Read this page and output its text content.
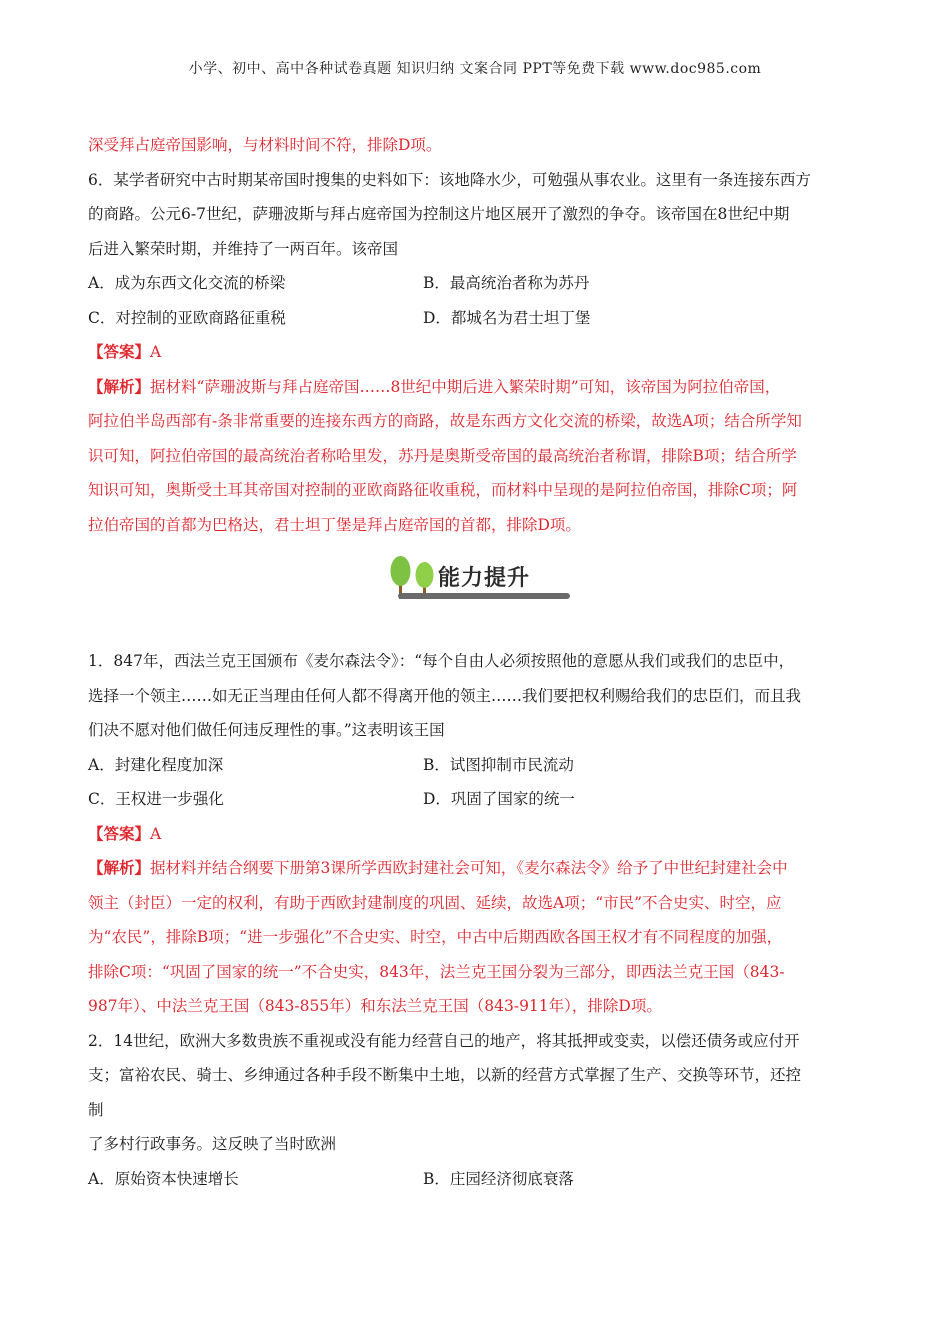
小学、初中、高中各种试卷真题 知识归纳 文案合同 PPT等免费下载 www.doc985.com

深受拜占庭帝国影响，与材料时间不符，排除D项。

6．某学者研究中古时期某帝国时搜集的史料如下：该地降水少，可勉强从事农业。这里有一条连接东西方

的商路。公元6-7世纪，萨珊波斯与拜占庭帝国为控制这片地区展开了激烈的争夺。该帝国在8世纪中期

后进入繁荣时期，并维持了一两百年。该帝国

A．成为东西文化交流的桥梁	B．最高统治者称为苏丹
C．对控制的亚欧商路征重税	D．都城名为君士坦丁堡

【答案】A

【解析】据材料“萨珊波斯与拜占庭帝国……8世纪中期后进入繁荣时期”可知，该帝国为阿拉伯帝国，

阿拉伯半岛西部有-条非常重要的连接东西方的商路，故是东西方文化交流的桥梁，故选A项；结合所学知

识可知，阿拉伯帝国的最高统治者称哈里发，苏丹是奥斯受帝国的最高统治者称谓，排除B项；结合所学

知识可知，奥斯受土耳其帝国对控制的亚欧商路征收重税，而材料中呈现的是阿拉伯帝国，排除C项；阿

拉伯帝国的首都为巴格达，君士坦丁堡是拜占庭帝国的首都，排除D项。

能力提升

1．847年，西法兰克王国颁布《麦尔森法令》：“每个自由人必须按照他的意愿从我们或我们的忠臣中，

选择一个领主……如无正当理由任何人都不得离开他的领主……我们要把权利赐给我们的忠臣们，而且我

们决不愿对他们做任何违反理性的事。”这表明该王国

A．封建化程度加深	B．试图抑制市民流动
C．王权进一步强化	D．巩固了国家的统一

【答案】A

【解析】据材料并结合纲要下册第3课所学西欧封建社会可知，《麦尔森法令》给予了中世纪封建社会中

领主（封臣）一定的权利，有助于西欧封建制度的巩固、延续，故选A项；“市民”不合史实、时空，应

为“农民”，排除B项；“进一步强化”不合史实、时空，中古中后期西欧各国王权才有不同程度的加强，

排除C项：“巩固了国家的统一”不合史实，843年，法兰克王国分裂为三部分，即西法兰克王国（843-

987年）、中法兰克王国（843-855年）和东法兰克王国（843-911年），排除D项。

2．14世纪，欧洲大多数贵族不重视或没有能力经营自己的地产，将其抵押或变卖，以偿还债务或应付开

支；富裕农民、骑士、乡绅通过各种手段不断集中土地，以新的经营方式掌握了生产、交换等环节，还控

制

了多村行政事务。这反映了当时欧洲

A．原始资本快速增长	B．庄园经济彻底衰落
